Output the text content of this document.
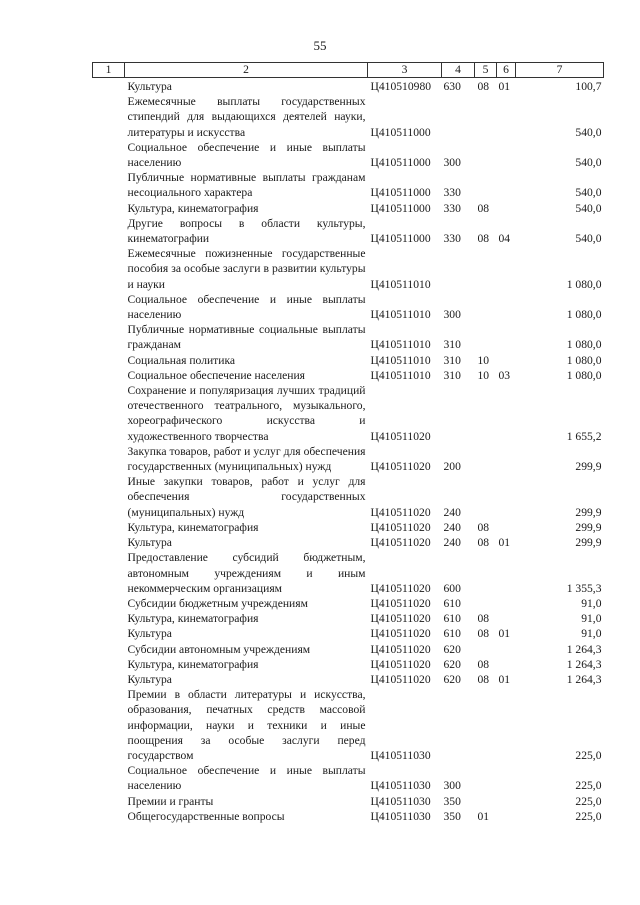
55
1	2	3	4	5	6	7
	Культура	Ц410510980	630	08	01	100,7
	Ежемесячные выплаты государственных стипендий для выдающихся деятелей науки, литературы и искусства	Ц410511000				540,0
	Социальное обеспечение и иные выплаты населению	Ц410511000	300			540,0
	Публичные нормативные выплаты гражданам несоциального характера	Ц410511000	330			540,0
	Культура, кинематография	Ц410511000	330	08		540,0
	Другие вопросы в области культуры, кинематографии	Ц410511000	330	08	04	540,0
	Ежемесячные пожизненные государственные пособия за особые заслуги в развитии культуры и науки	Ц410511010				1 080,0
	Социальное обеспечение и иные выплаты населению	Ц410511010	300			1 080,0
	Публичные нормативные социальные выплаты гражданам	Ц410511010	310			1 080,0
	Социальная политика	Ц410511010	310	10		1 080,0
	Социальное обеспечение населения	Ц410511010	310	10	03	1 080,0
	Сохранение и популяризация лучших традиций отечественного театрального, музыкального, хореографического искусства и художественного творчества	Ц410511020				1 655,2
	Закупка товаров, работ и услуг для обеспечения государственных (муниципальных) нужд	Ц410511020	200			299,9
	Иные закупки товаров, работ и услуг для обеспечения государственных (муниципальных) нужд	Ц410511020	240			299,9
	Культура, кинематография	Ц410511020	240	08		299,9
	Культура	Ц410511020	240	08	01	299,9
	Предоставление субсидий бюджетным, автономным учреждениям и иным некоммерческим организациям	Ц410511020	600			1 355,3
	Субсидии бюджетным учреждениям	Ц410511020	610			91,0
	Культура, кинематография	Ц410511020	610	08		91,0
	Культура	Ц410511020	610	08	01	91,0
	Субсидии автономным учреждениям	Ц410511020	620			1 264,3
	Культура, кинематография	Ц410511020	620	08		1 264,3
	Культура	Ц410511020	620	08	01	1 264,3
	Премии в области литературы и искусства, образования, печатных средств массовой информации, науки и техники и иные поощрения за особые заслуги перед государством	Ц410511030				225,0
	Социальное обеспечение и иные выплаты населению	Ц410511030	300			225,0
	Премии и гранты	Ц410511030	350			225,0
	Общегосударственные вопросы	Ц410511030	350	01		225,0
